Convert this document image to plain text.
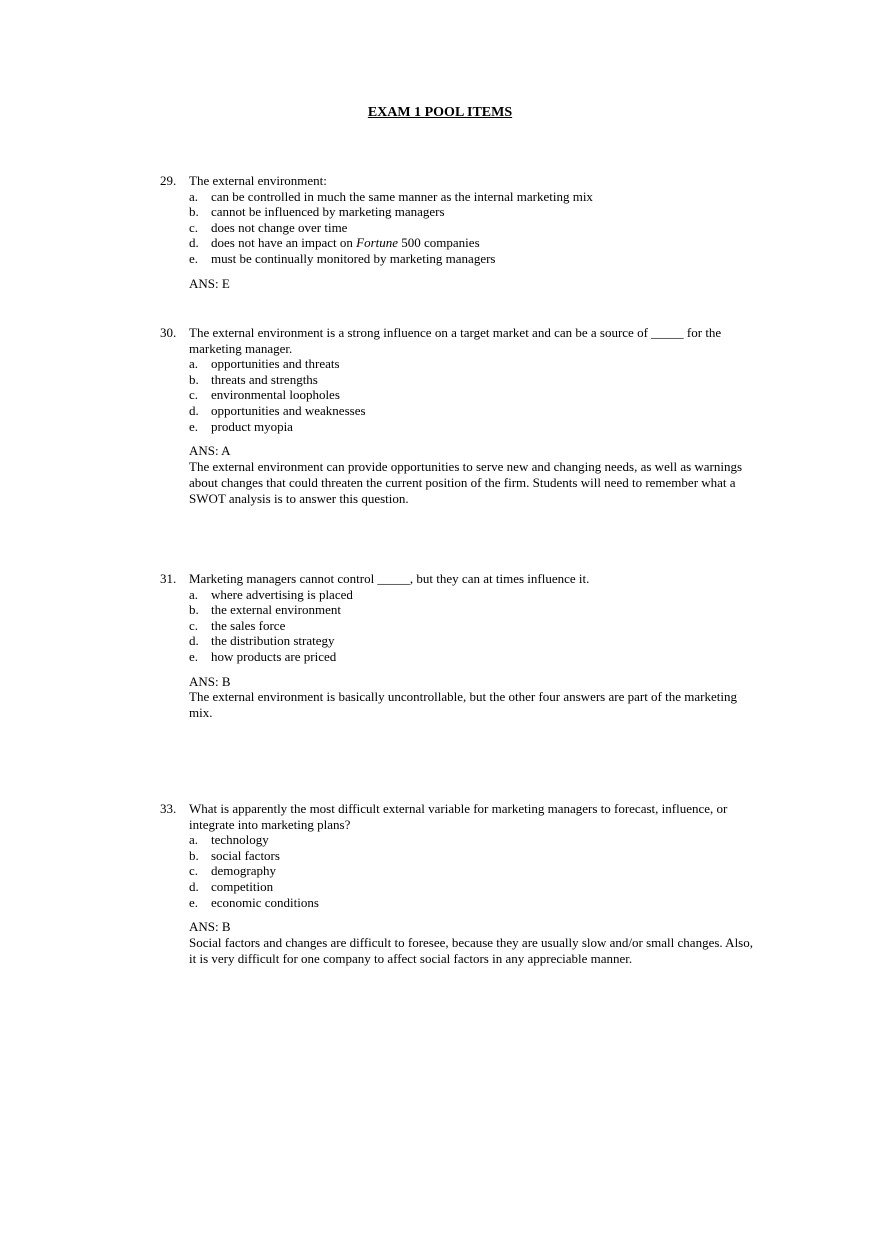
EXAM 1 POOL ITEMS
29. The external environment:
a. can be controlled in much the same manner as the internal marketing mix
b. cannot be influenced by marketing managers
c. does not change over time
d. does not have an impact on Fortune 500 companies
e. must be continually monitored by marketing managers
ANS: E
30. The external environment is a strong influence on a target market and can be a source of _____ for the marketing manager.
a. opportunities and threats
b. threats and strengths
c. environmental loopholes
d. opportunities and weaknesses
e. product myopia
ANS: A
The external environment can provide opportunities to serve new and changing needs, as well as warnings about changes that could threaten the current position of the firm. Students will need to remember what a SWOT analysis is to answer this question.
31. Marketing managers cannot control _____, but they can at times influence it.
a. where advertising is placed
b. the external environment
c. the sales force
d. the distribution strategy
e. how products are priced
ANS: B
The external environment is basically uncontrollable, but the other four answers are part of the marketing mix.
33. What is apparently the most difficult external variable for marketing managers to forecast, influence, or integrate into marketing plans?
a. technology
b. social factors
c. demography
d. competition
e. economic conditions
ANS: B
Social factors and changes are difficult to foresee, because they are usually slow and/or small changes. Also, it is very difficult for one company to affect social factors in any appreciable manner.
